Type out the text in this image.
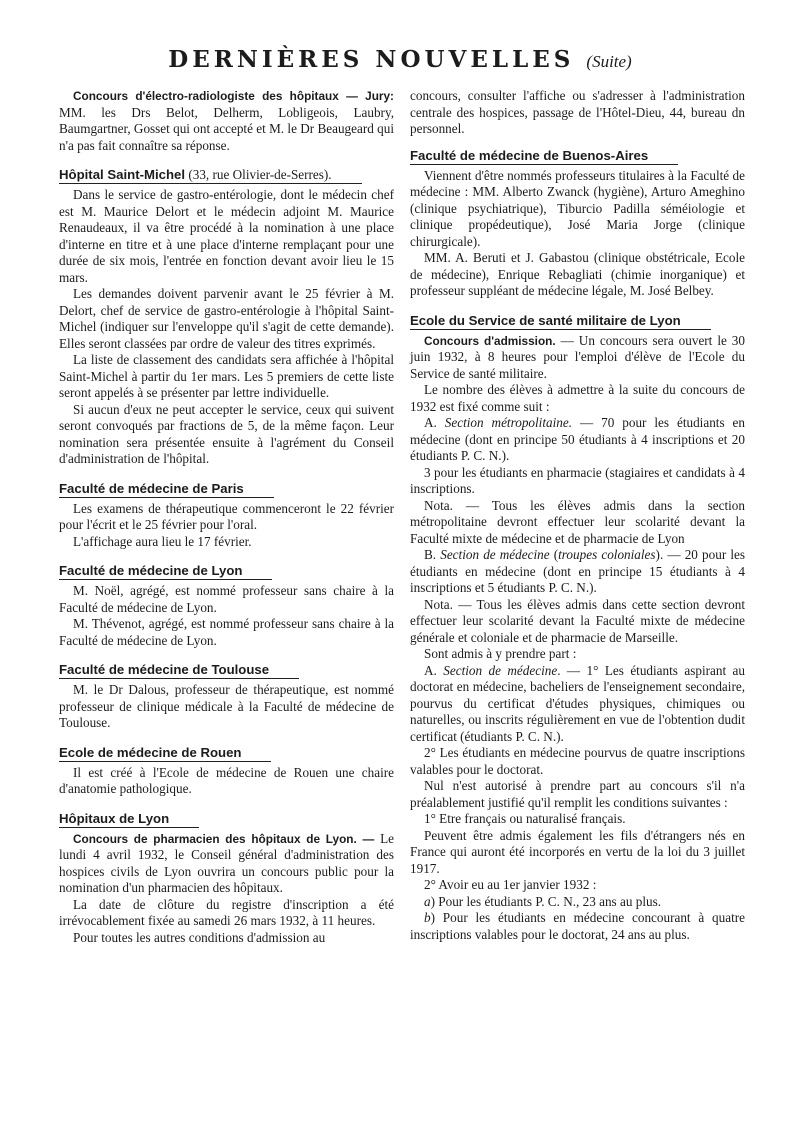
DERNIÈRES NOUVELLES (Suite)

Concours d'électro-radiologiste des hôpitaux — Jury: MM. les Drs Belot, Delherm, Lobligeois, Laubry, Baumgartner, Gosset qui ont accepté et M. le Dr Beaugeard qui n'a pas fait connaître sa réponse.

Hôpital Saint-Michel (33, rue Olivier-de-Serres).

Dans le service de gastro-entérologie, dont le médecin chef est M. Maurice Delort et le médecin adjoint M. Maurice Renaudeaux, il va être procédé à la nomination à une place d'interne en titre et à une place d'interne remplaçant pour une durée de six mois, l'entrée en fonction devant avoir lieu le 15 mars.

Les demandes doivent parvenir avant le 25 février à M. Delort, chef de service de gastro-entérologie à l'hôpital Saint-Michel (indiquer sur l'enveloppe qu'il s'agit de cette demande). Elles seront classées par ordre de valeur des titres exprimés.

La liste de classement des candidats sera affichée à l'hôpital Saint-Michel à partir du 1er mars. Les 5 premiers de cette liste seront appelés à se présenter par lettre individuelle.

Si aucun d'eux ne peut accepter le service, ceux qui suivent seront convoqués par fractions de 5, de la même façon. Leur nomination sera présentée ensuite à l'agrément du Conseil d'administration de l'hôpital.

Faculté de médecine de Paris

Les examens de thérapeutique commenceront le 22 février pour l'écrit et le 25 février pour l'oral.

L'affichage aura lieu le 17 février.

Faculté de médecine de Lyon

M. Noël, agrégé, est nommé professeur sans chaire à la Faculté de médecine de Lyon.

M. Thévenot, agrégé, est nommé professeur sans chaire à la Faculté de médecine de Lyon.

Faculté de médecine de Toulouse

M. le Dr Dalous, professeur de thérapeutique, est nommé professeur de clinique médicale à la Faculté de médecine de Toulouse.

Ecole de médecine de Rouen

Il est créé à l'Ecole de médecine de Rouen une chaire d'anatomie pathologique.

Hôpitaux de Lyon

Concours de pharmacien des hôpitaux de Lyon. — Le lundi 4 avril 1932, le Conseil général d'administration des hospices civils de Lyon ouvrira un concours public pour la nomination d'un pharmacien des hôpitaux.

La date de clôture du registre d'inscription a été irrévocablement fixée au samedi 26 mars 1932, à 11 heures.

Pour toutes les autres conditions d'admission au

concours, consulter l'affiche ou s'adresser à l'administration centrale des hospices, passage de l'Hôtel-Dieu, 44, bureau dn personnel.

Faculté de médecine de Buenos-Aires

Viennent d'être nommés professeurs titulaires à la Faculté de médecine : MM. Alberto Zwanck (hygiène), Arturo Ameghino (clinique psychiatrique), Tiburcio Padilla séméiologie et clinique propédeutique), José Maria Jorge (clinique chirurgicale).

MM. A. Beruti et J. Gabastou (clinique obstétricale, Ecole de médecine), Enrique Rebagliati (chimie inorganique) et professeur suppléant de médecine légale, M. José Belbey.

Ecole du Service de santé militaire de Lyon

Concours d'admission. — Un concours sera ouvert le 30 juin 1932, à 8 heures pour l'emploi d'élève de l'Ecole du Service de santé militaire.

Le nombre des élèves à admettre à la suite du concours de 1932 est fixé comme suit :

A. Section métropolitaine. — 70 pour les étudiants en médecine (dont en principe 50 étudiants à 4 inscriptions et 20 étudiants P. C. N.).

3 pour les étudiants en pharmacie (stagiaires et candidats à 4 inscriptions.

Nota. — Tous les élèves admis dans la section métropolitaine devront effectuer leur scolarité devant la Faculté mixte de médecine et de pharmacie de Lyon

B. Section de médecine (troupes coloniales). — 20 pour les étudiants en médecine (dont en principe 15 étudiants à 4 inscriptions et 5 étudiants P. C. N.).

Nota. — Tous les élèves admis dans cette section devront effectuer leur scolarité devant la Faculté mixte de médecine générale et coloniale et de pharmacie de Marseille.

Sont admis à y prendre part :

A. Section de médecine. — 1° Les étudiants aspirant au doctorat en médecine, bacheliers de l'enseignement secondaire, pourvus du certificat d'études physiques, chimiques ou naturelles, ou inscrits régulièrement en vue de l'obtention dudit certificat (étudiants P. C. N.).

2° Les étudiants en médecine pourvus de quatre inscriptions valables pour le doctorat.

Nul n'est autorisé à prendre part au concours s'il n'a préalablement justifié qu'il remplit les conditions suivantes :

1° Etre français ou naturalisé français.

Peuvent être admis également les fils d'étrangers nés en France qui auront été incorporés en vertu de la loi du 3 juillet 1917.

2° Avoir eu au 1er janvier 1932 :

a) Pour les étudiants P. C. N., 23 ans au plus.

b) Pour les étudiants en médecine concourant à quatre inscriptions valables pour le doctorat, 24 ans au plus.
